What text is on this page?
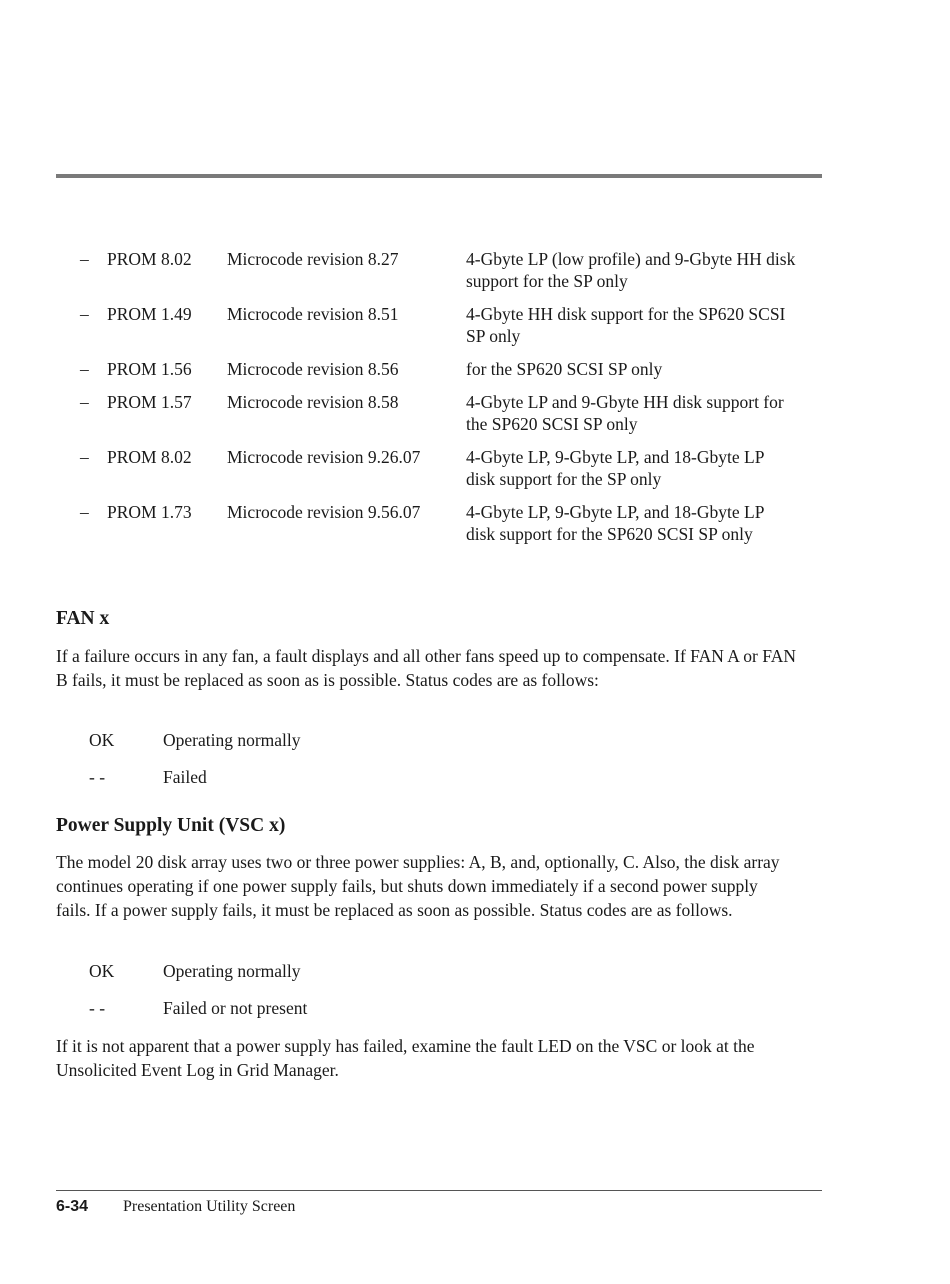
– PROM 8.02 Microcode revision 8.27	4-Gbyte LP (low profile) and 9-Gbyte HH disk support for the SP only
– PROM 1.49 Microcode revision 8.51	4-Gbyte HH disk support for the SP620 SCSI SP only
– PROM 1.56 Microcode revision 8.56	for the SP620 SCSI SP only
– PROM 1.57 Microcode revision 8.58	4-Gbyte LP and 9-Gbyte HH disk support for the SP620 SCSI SP only
– PROM 8.02 Microcode revision 9.26.07	4-Gbyte LP, 9-Gbyte LP, and 18-Gbyte LP disk support for the SP only
– PROM 1.73 Microcode revision 9.56.07	4-Gbyte LP, 9-Gbyte LP, and 18-Gbyte LP disk support for the SP620 SCSI SP only
FAN x
If a failure occurs in any fan, a fault displays and all other fans speed up to compensate. If FAN A or FAN B fails, it must be replaced as soon as is possible. Status codes are as follows:
OK	Operating normally
- -	Failed
Power Supply Unit (VSC x)
The model 20 disk array uses two or three power supplies: A, B, and, optionally, C. Also, the disk array continues operating if one power supply fails, but shuts down immediately if a second power supply fails. If a power supply fails, it must be replaced as soon as possible. Status codes are as follows.
OK	Operating normally
- -	Failed or not present
If it is not apparent that a power supply has failed, examine the fault LED on the VSC or look at the Unsolicited Event Log in Grid Manager.
6-34 Presentation Utility Screen
